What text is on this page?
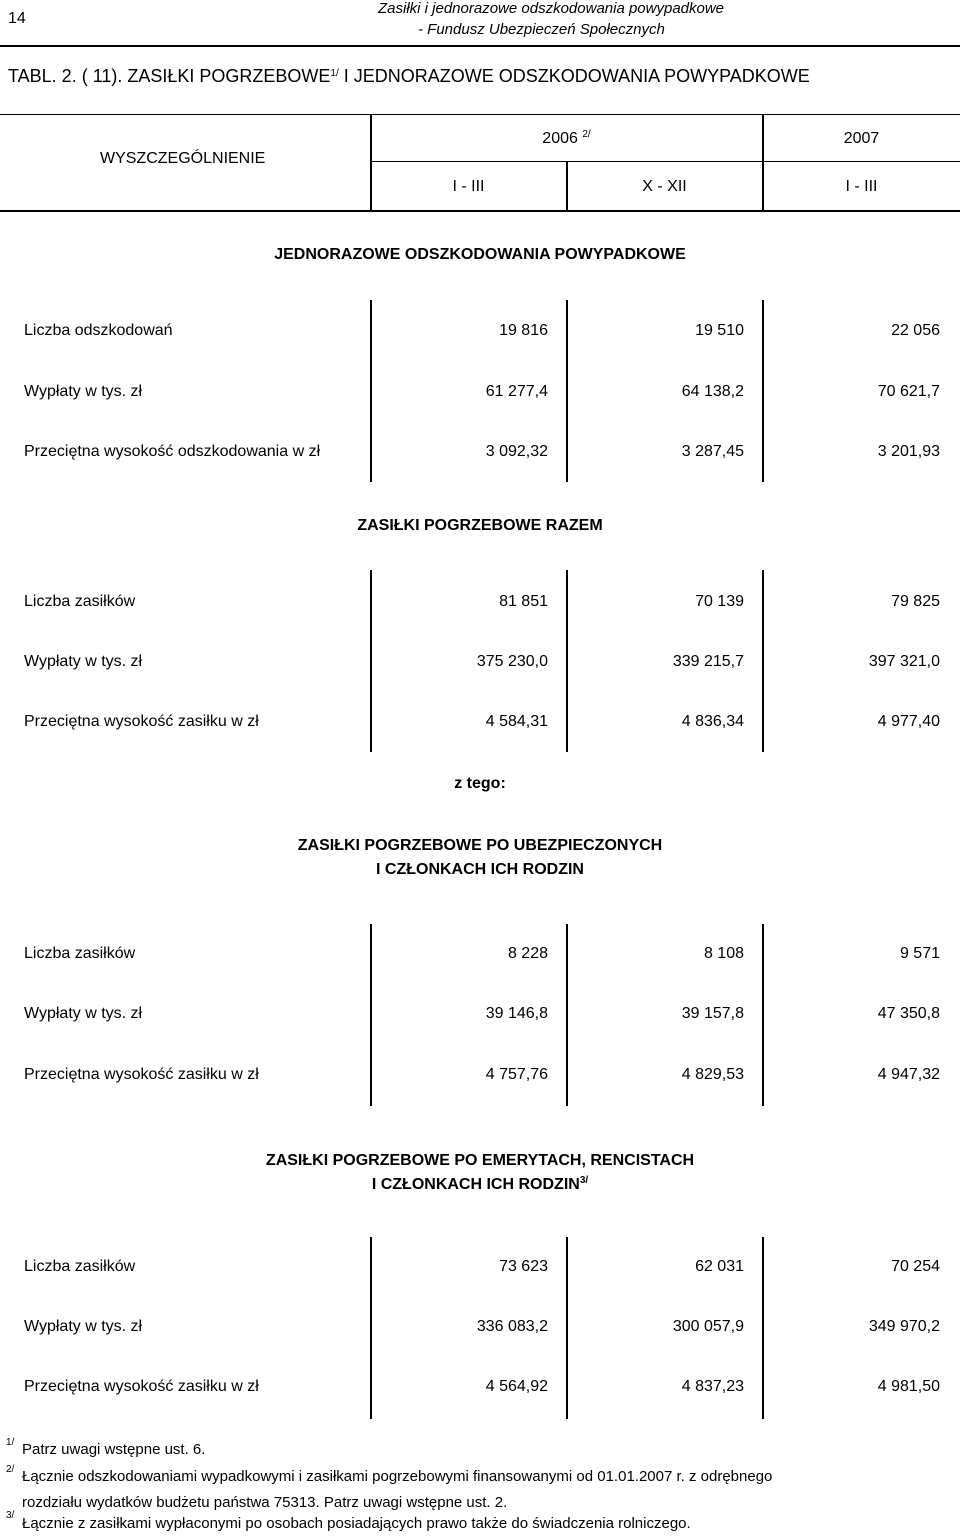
14
Zasiłki i jednorazowe odszkodowania powypadkowe
- Fundusz Ubezpieczeń Społecznych
TABL. 2. ( 11). ZASIŁKI $POGRZEBOWE^{1/}$ I JEDNORAZOWE ODSZKODOWANIA POWYPADKOWE
WYSZCZEGÓLNIENIE
2006 $^{2/}$	2007
I - III	X - XII	I - III
JEDNORAZOWE ODSZKODOWANIA POWYPADKOWE
Liczba odszkodowań	19 816	19 510	22 056
Wypłaty w tys. zł	61 277,4	64 138,2	70 621,7
Przeciętna wysokość odszkodowania w zł	3 092,32	3 287,45	3 201,93
ZASIŁKI POGRZEBOWE RAZEM
Liczba zasiłków	81 851	70 139	79 825
Wypłaty w tys. zł	375 230,0	339 215,7	397 321,0
Przeciętna wysokość zasiłku w zł	4 584,31	4 836,34	4 977,40
z tego:
ZASIŁKI POGRZEBOWE PO UBEZPIECZONYCH
I CZŁONKACH ICH RODZIN
Liczba zasiłków	8 228	8 108	9 571
Wypłaty w tys. zł	39 146,8	39 157,8	47 350,8
Przeciętna wysokość zasiłku w zł	4 757,76	4 829,53	4 947,32
ZASIŁKI POGRZEBOWE PO EMERYTACH, RENCISTACH
I CZŁONKACH ICH $RODZIN^{3/}$
Liczba zasiłków	73 623	62 031	70 254
Wypłaty w tys. zł	336 083,2	300 057,9	349 970,2
Przeciętna wysokość zasiłku w zł	4 564,92	4 837,23	4 981,50
1/ Patrz uwagi wstępne ust. 6.
2/ Łącznie odszkodowaniami wypadkowymi i zasiłkami pogrzebowymi finansowanymi od 01.01.2007 r. z odrębnego
rozdziału wydatków budżetu państwa 75313. Patrz uwagi wstępne ust. 2.
3/ Łącznie z zasiłkami wypłaconymi po osobach posiadających prawo także do świadczenia rolniczego.
